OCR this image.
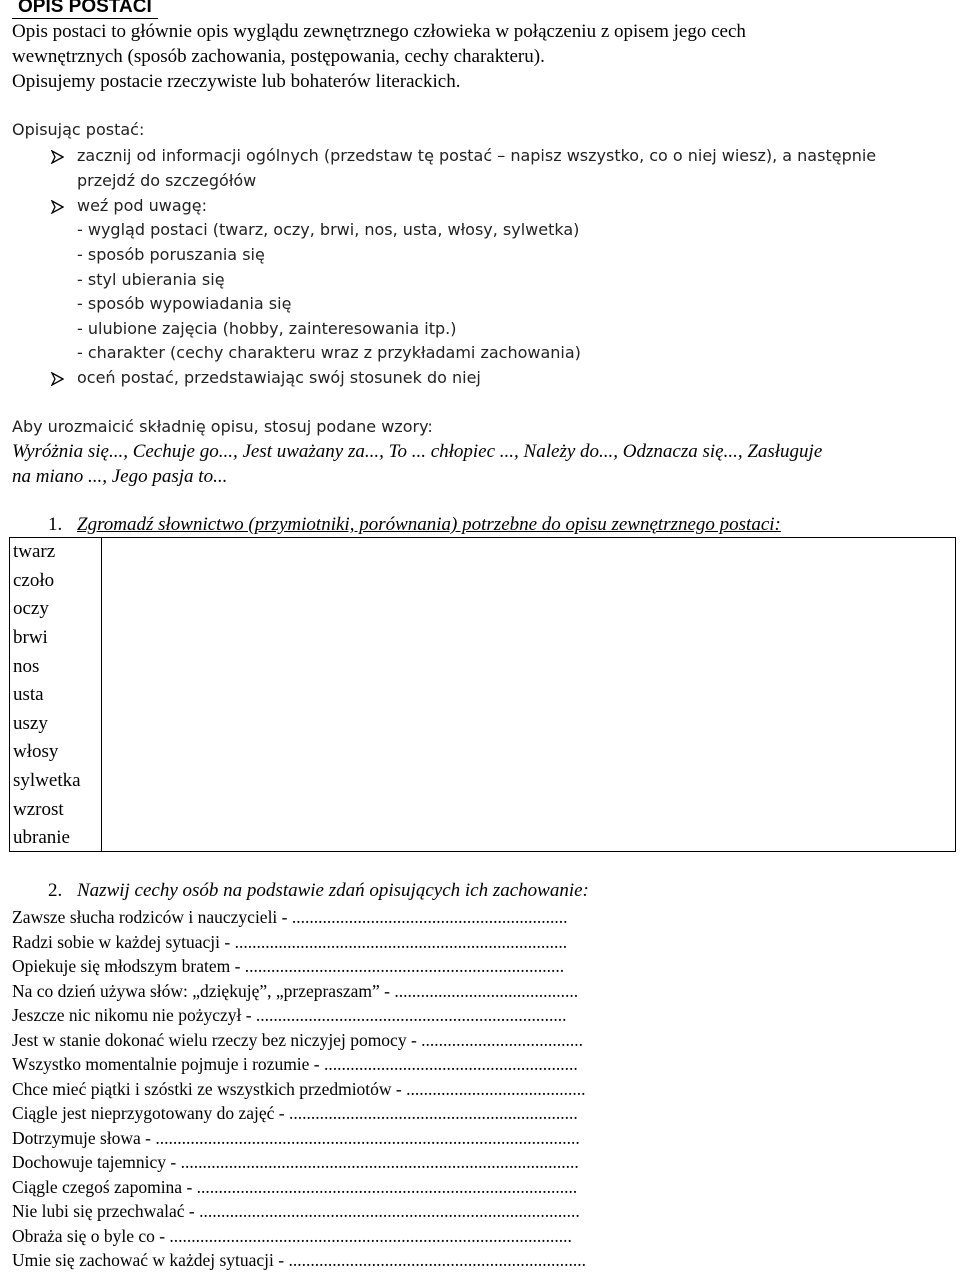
OPIS POSTACI
Opis postaci to głównie opis wyglądu zewnętrznego człowieka w połączeniu z opisem jego cech
wewnętrznych (sposób zachowania, postępowania, cechy charakteru).
Opisujemy postacie rzeczywiste lub bohaterów literackich.
Opisując postać:
zacznij od informacji ogólnych (przedstaw tę postać – napisz wszystko, co o niej wiesz), a następnie
przejdź do szczegółów
weź pod uwagę:
- wygląd postaci (twarz, oczy, brwi, nos, usta, włosy, sylwetka)
- sposób poruszania się
- styl ubierania się
- sposób wypowiadania się
- ulubione zajęcia (hobby, zainteresowania itp.)
- charakter (cechy charakteru wraz z przykładami zachowania)
oceń postać, przedstawiając swój stosunek do niej
Aby urozmaicić składnię opisu, stosuj podane wzory:
Wyróżnia się..., Cechuje go..., Jest uważany za..., To ... chłopiec ..., Należy do..., Odznacza się..., Zasługuje
na miano ..., Jego pasja to...
1. Zgromadź słownictwo (przymiotniki, porównania) potrzebne do opisu zewnętrznego postaci:
twarz
czoło
oczy
brwi
nos
usta
uszy
włosy
sylwetka
wzrost
ubranie
2. Nazwij cechy osób na podstawie zdań opisujących ich zachowanie:
Zawsze słucha rodziców i nauczycieli - ...............................................................
Radzi sobie w każdej sytuacji - ............................................................................
Opiekuje się młodszym bratem - .........................................................................
Na co dzień używa słów: „dziękuję”, „przepraszam” - ..........................................
Jeszcze nic nikomu nie pożyczył - .......................................................................
Jest w stanie dokonać wielu rzeczy bez niczyjej pomocy - .....................................
Wszystko momentalnie pojmuje i rozumie - ..........................................................
Chce mieć piątki i szóstki ze wszystkich przedmiotów - .........................................
Ciągle jest nieprzygotowany do zajęć - ..................................................................
Dotrzymuje słowa - .................................................................................................
Dochowuje tajemnicy - ...........................................................................................
Ciągle czegoś zapomina - .......................................................................................
Nie lubi się przechwalać - .......................................................................................
Obraża się o byle co - ............................................................................................
Umie się zachować w każdej sytuacji - ....................................................................
